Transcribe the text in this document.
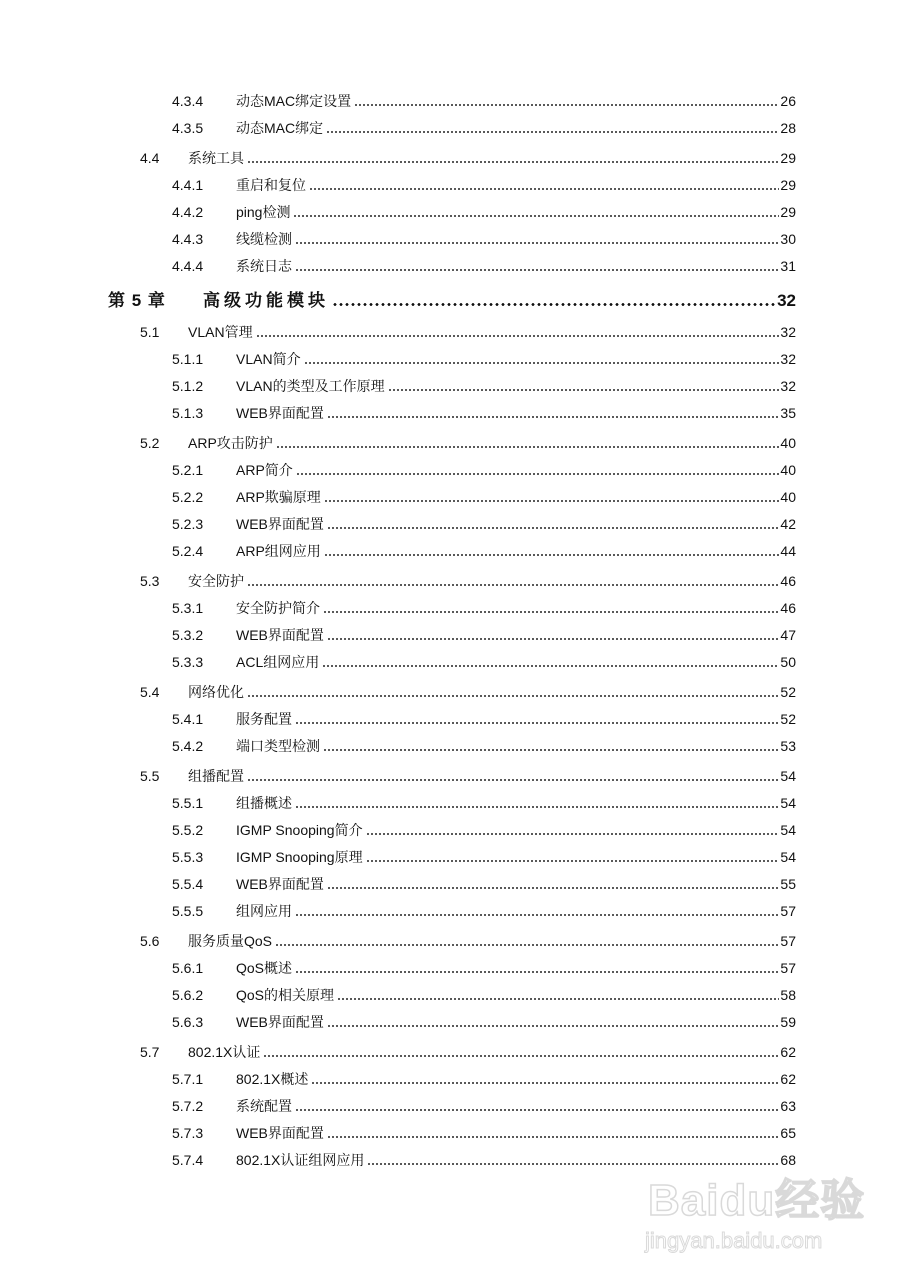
4.3.4	动态MAC绑定设置	26
4.3.5	动态MAC绑定	28
4.4	系统工具	29
4.4.1	重启和复位	29
4.4.2	ping检测	29
4.4.3	线缆检测	30
4.4.4	系统日志	31
第 5 章	高级功能模块	32
5.1	VLAN管理	32
5.1.1	VLAN简介	32
5.1.2	VLAN的类型及工作原理	32
5.1.3	WEB界面配置	35
5.2	ARP攻击防护	40
5.2.1	ARP简介	40
5.2.2	ARP欺骗原理	40
5.2.3	WEB界面配置	42
5.2.4	ARP组网应用	44
5.3	安全防护	46
5.3.1	安全防护简介	46
5.3.2	WEB界面配置	47
5.3.3	ACL组网应用	50
5.4	网络优化	52
5.4.1	服务配置	52
5.4.2	端口类型检测	53
5.5	组播配置	54
5.5.1	组播概述	54
5.5.2	IGMP Snooping简介	54
5.5.3	IGMP Snooping原理	54
5.5.4	WEB界面配置	55
5.5.5	组网应用	57
5.6	服务质量QoS	57
5.6.1	QoS概述	57
5.6.2	QoS的相关原理	58
5.6.3	WEB界面配置	59
5.7	802.1X认证	62
5.7.1	802.1X概述	62
5.7.2	系统配置	63
5.7.3	WEB界面配置	65
5.7.4	802.1X认证组网应用	68
Baidu经验
jingyan.baidu.com
